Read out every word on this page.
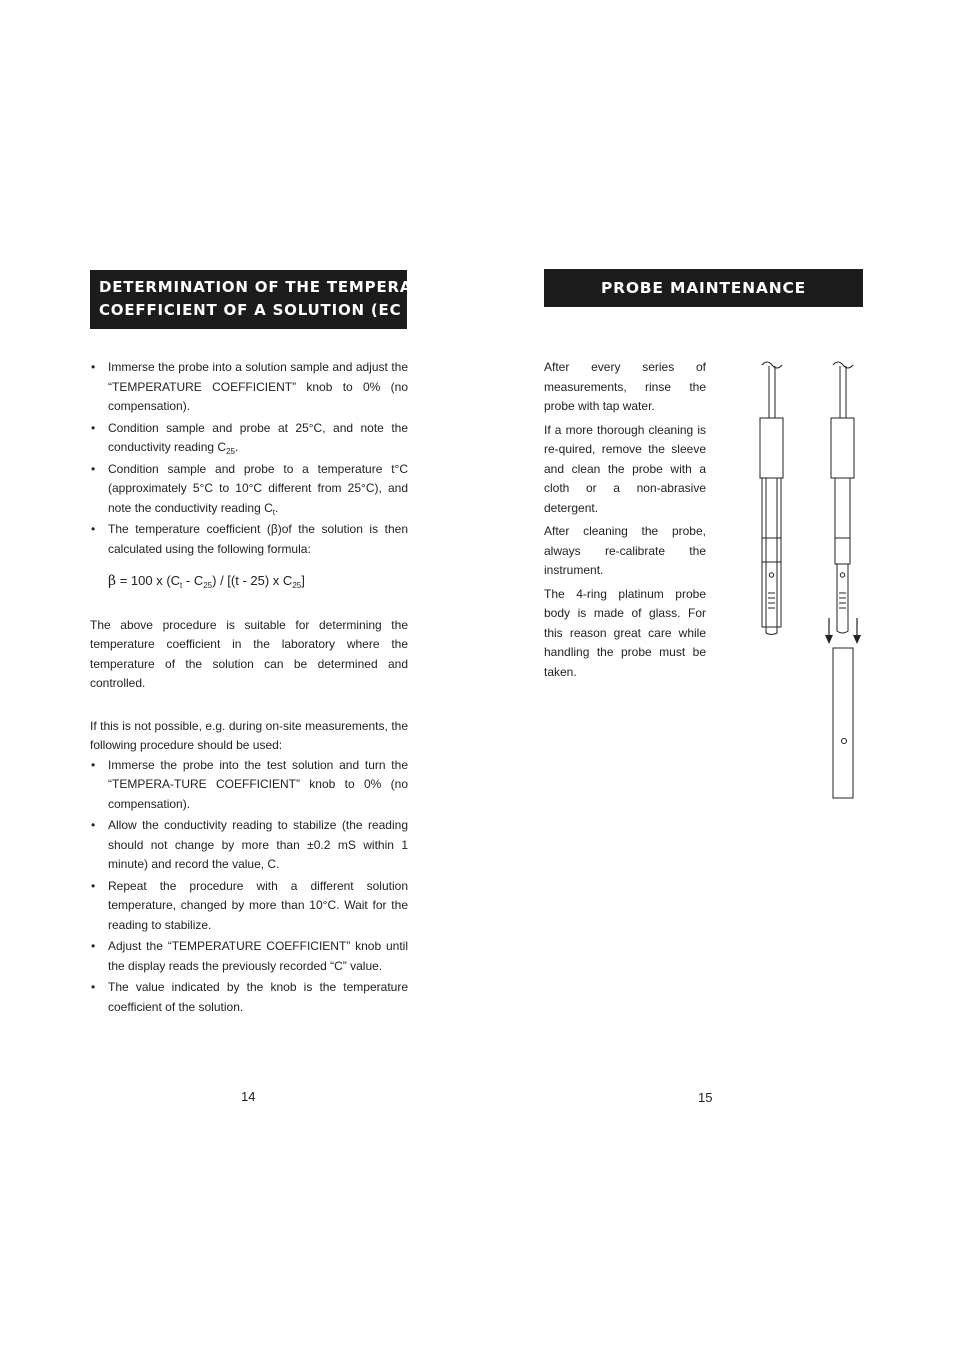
DETERMINATION OF THE TEMPERATURE
COEFFICIENT OF A SOLUTION (EC 215)
• Immerse the probe into a solution sample and adjust the “TEMPERATURE COEFFICIENT” knob to 0% (no compensation).
• Condition sample and probe at 25°C, and note the conductivity reading $C_{25}$.
• Condition sample and probe to a temperature t°C (approximately 5°C to 10°C different from 25°C), and note the conductivity reading $C_t$.
• The temperature coefficient (β)of the solution is then calculated using the following formula:
β = 100 x $(C_t - C_{25}) / [(t - 25)$ x $C_{25}$]

The above procedure is suitable for determining the temperature coefficient in the laboratory where the temperature of the solution can be determined and controlled.

If this is not possible, e.g. during on-site measurements, the following procedure should be used:

• Immerse the probe into the test solution and turn the “TEMPERA-TURE COEFFICIENT” knob to 0% (no compensation).
• Allow the conductivity reading to stabilize (the reading should not change by more than ±0.2 mS within 1 minute) and record the value, C.
• Repeat the procedure with a different solution temperature, changed by more than 10°C. Wait for the reading to stabilize.
• Adjust the “TEMPERATURE COEFFICIENT” knob until the display reads the previously recorded “C” value.
• The value indicated by the knob is the temperature coefficient of the solution.
14
PROBE MAINTENANCE

After every series of measurements, rinse the probe with tap water.

If a more thorough cleaning is re-quired, remove the sleeve and clean the probe with a cloth or a non-abrasive detergent.

After cleaning the probe, always re-calibrate the instrument.

The 4-ring platinum probe body is made of glass. For this reason great care while handling the probe must be taken.

15
